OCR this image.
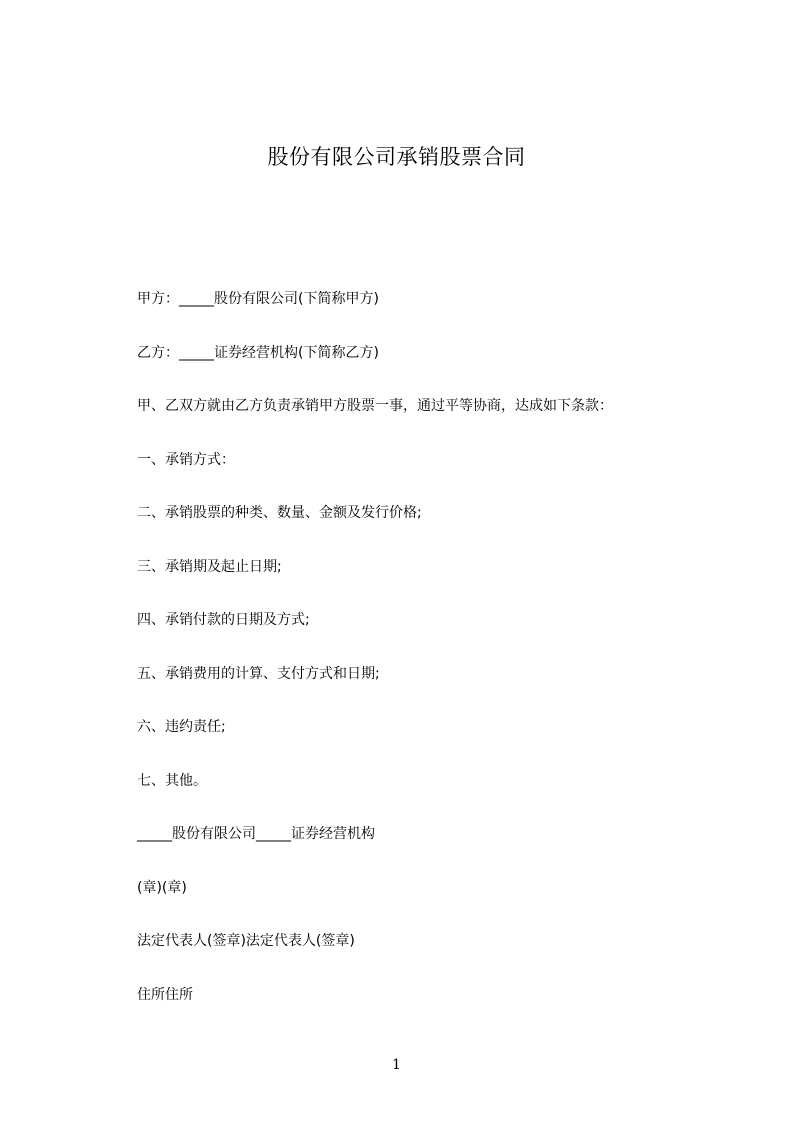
股份有限公司承销股票合同
甲方：_____股份有限公司(下简称甲方)
乙方：_____证券经营机构(下简称乙方)
甲、乙双方就由乙方负责承销甲方股票一事，通过平等协商，达成如下条款：
一、承销方式：
二、承销股票的种类、数量、金额及发行价格;
三、承销期及起止日期;
四、承销付款的日期及方式;
五、承销费用的计算、支付方式和日期;
六、违约责任;
七、其他。
_____股份有限公司_____证券经营机构
(章)(章)
法定代表人(签章)法定代表人(签章)
住所住所
1
